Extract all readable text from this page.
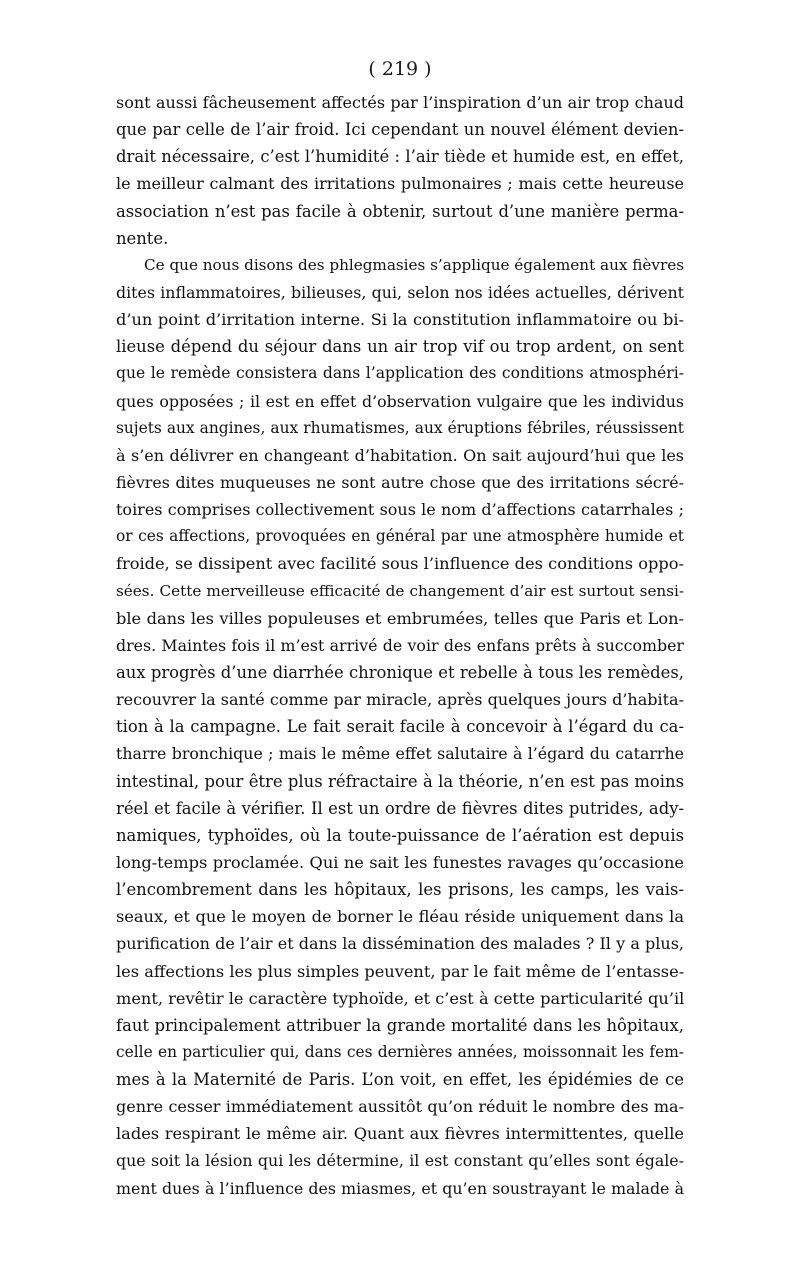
( 219 )
sont aussi fâcheusement affectés par l’inspiration d’un air trop chaud
que par celle de l’air froid. Ici cependant un nouvel élément devien-
drait nécessaire, c’est l’humidité : l’air tiède et humide est, en effet,
le meilleur calmant des irritations pulmonaires ; mais cette heureuse
association n’est pas facile à obtenir, surtout d’une manière perma-
nente.
Ce que nous disons des phlegmasies s’applique également aux fièvres
dites inflammatoires, bilieuses, qui, selon nos idées actuelles, dérivent
d’un point d’irritation interne. Si la constitution inflammatoire ou bi-
lieuse dépend du séjour dans un air trop vif ou trop ardent, on sent
que le remède consistera dans l’application des conditions atmosphéri-
ques opposées ; il est en effet d’observation vulgaire que les individus
sujets aux angines, aux rhumatismes, aux éruptions fébriles, réussissent
à s’en délivrer en changeant d’habitation. On sait aujourd’hui que les
fièvres dites muqueuses ne sont autre chose que des irritations sécré-
toires comprises collectivement sous le nom d’affections catarrhales ;
or ces affections, provoquées en général par une atmosphère humide et
froide, se dissipent avec facilité sous l’influence des conditions oppo-
sées. Cette merveilleuse efficacité de changement d’air est surtout sensi-
ble dans les villes populeuses et embrumées, telles que Paris et Lon-
dres. Maintes fois il m’est arrivé de voir des enfans prêts à succomber
aux progrès d’une diarrhée chronique et rebelle à tous les remèdes,
recouvrer la santé comme par miracle, après quelques jours d’habita-
tion à la campagne. Le fait serait facile à concevoir à l’égard du ca-
tharre bronchique ; mais le même effet salutaire à l’égard du catarrhe
intestinal, pour être plus réfractaire à la théorie, n’en est pas moins
réel et facile à vérifier. Il est un ordre de fièvres dites putrides, ady-
namiques, typhoïdes, où la toute-puissance de l’aération est depuis
long-temps proclamée. Qui ne sait les funestes ravages qu’occasione
l’encombrement dans les hôpitaux, les prisons, les camps, les vais-
seaux, et que le moyen de borner le fléau réside uniquement dans la
purification de l’air et dans la dissémination des malades ? Il y a plus,
les affections les plus simples peuvent, par le fait même de l’entasse-
ment, revêtir le caractère typhoïde, et c’est à cette particularité qu’il
faut principalement attribuer la grande mortalité dans les hôpitaux,
celle en particulier qui, dans ces dernières années, moissonnait les fem-
mes à la Maternité de Paris. L’on voit, en effet, les épidémies de ce
genre cesser immédiatement aussitôt qu’on réduit le nombre des ma-
lades respirant le même air. Quant aux fièvres intermittentes, quelle
que soit la lésion qui les détermine, il est constant qu’elles sont égale-
ment dues à l’influence des miasmes, et qu’en soustrayant le malade à
